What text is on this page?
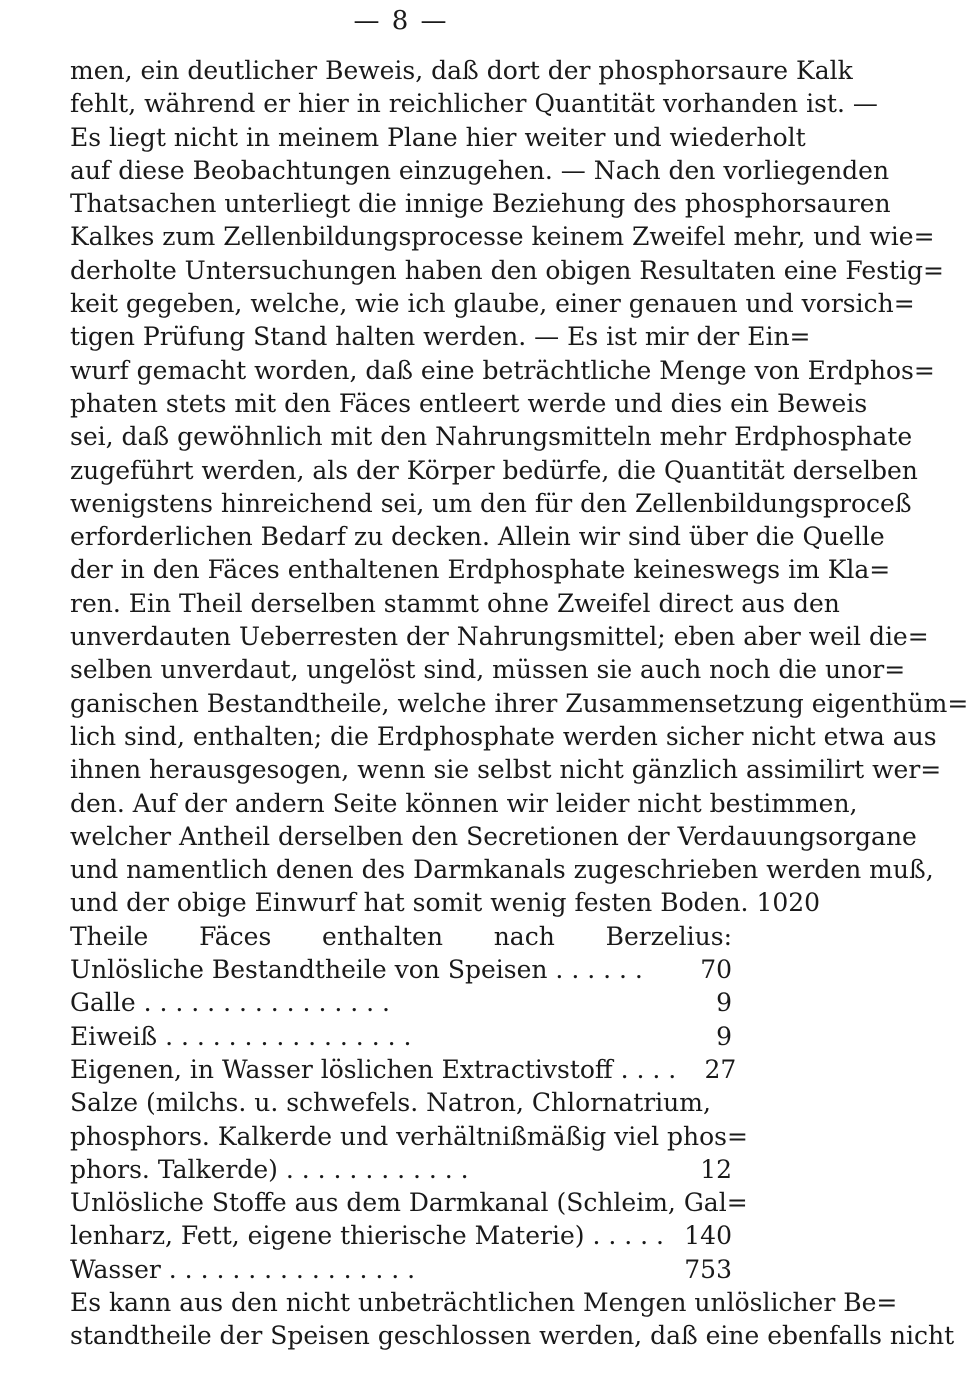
— 8 —
men, ein deutlicher Beweis, daß dort der phosphorsaure Kalk
fehlt, während er hier in reichlicher Quantität vorhanden ist. —
Es liegt nicht in meinem Plane hier weiter und wiederholt
auf diese Beobachtungen einzugehen. — Nach den vorliegenden
Thatsachen unterliegt die innige Beziehung des phosphorsauren
Kalkes zum Zellenbildungsprocesse keinem Zweifel mehr, und wie=
derholte Untersuchungen haben den obigen Resultaten eine Festig=
keit gegeben, welche, wie ich glaube, einer genauen und vorsich=
tigen Prüfung Stand halten werden. — Es ist mir der Ein=
wurf gemacht worden, daß eine beträchtliche Menge von Erdphos=
phaten stets mit den Fäces entleert werde und dies ein Beweis
sei, daß gewöhnlich mit den Nahrungsmitteln mehr Erdphosphate
zugeführt werden, als der Körper bedürfe, die Quantität derselben
wenigstens hinreichend sei, um den für den Zellenbildungsproceß
erforderlichen Bedarf zu decken. Allein wir sind über die Quelle
der in den Fäces enthaltenen Erdphosphate keineswegs im Kla=
ren. Ein Theil derselben stammt ohne Zweifel direct aus den
unverdauten Ueberresten der Nahrungsmittel; eben aber weil die=
selben unverdaut, ungelöst sind, müssen sie auch noch die unor=
ganischen Bestandtheile, welche ihrer Zusammensetzung eigenthüm=
lich sind, enthalten; die Erdphosphate werden sicher nicht etwa aus
ihnen herausgesogen, wenn sie selbst nicht gänzlich assimilirt wer=
den. Auf der andern Seite können wir leider nicht bestimmen,
welcher Antheil derselben den Secretionen der Verdauungsorgane
und namentlich denen des Darmkanals zugeschrieben werden muß,
und der obige Einwurf hat somit wenig festen Boden. 1020
Theile Fäces enthalten nach Berzelius:
Unlösliche Bestandtheile von Speisen . . . . . .	70
Galle . . . . . . . . . . . . . . . .	9
Eiweiß . . . . . . . . . . . . . . . .	9
Eigenen, in Wasser löslichen Extractivstoff . . . .	27
Salze (milchs. u. schwefels. Natron, Chlornatrium,
phosphors. Kalkerde und verhältnißmäßig viel phos=
phors. Talkerde) . . . . . . . . . . . .	12
Unlösliche Stoffe aus dem Darmkanal (Schleim, Gal=
lenharz, Fett, eigene thierische Materie) . . . . . 140
Wasser . . . . . . . . . . . . . . . .	753
Es kann aus den nicht unbeträchtlichen Mengen unlöslicher Be=
standtheile der Speisen geschlossen werden, daß eine ebenfalls nicht
